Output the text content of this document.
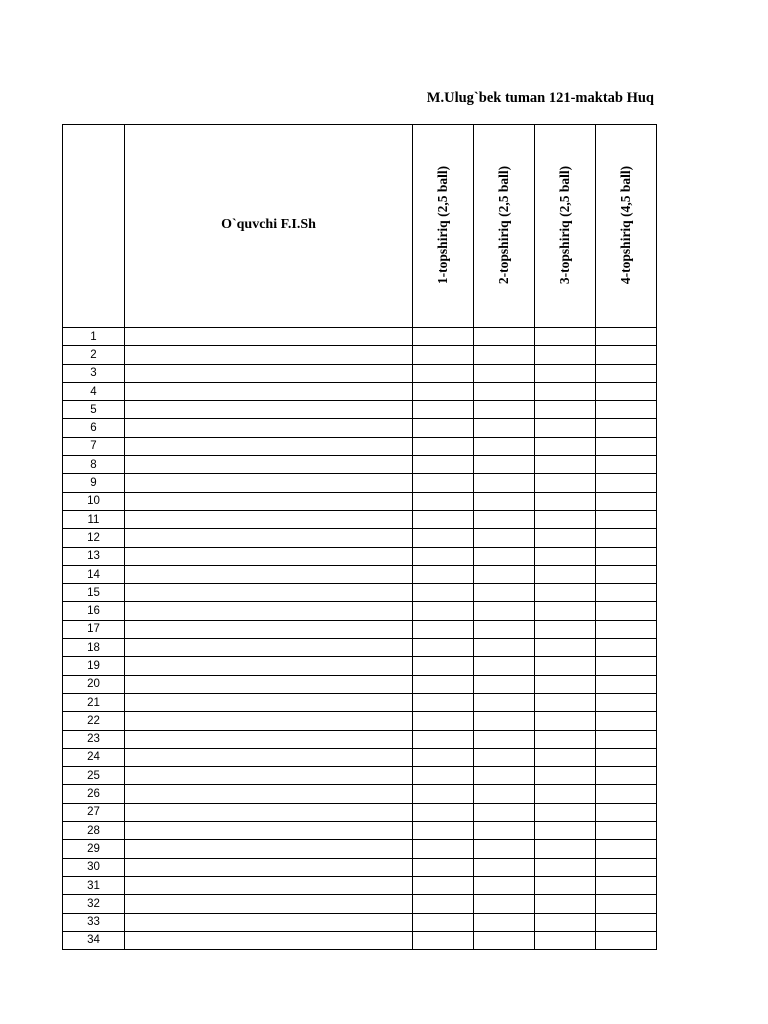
M.Ulug`bek tuman 121-maktab Huq
	O`quvchi F.I.Sh	1-topshiriq (2,5 ball)	2-topshiriq (2,5 ball)	3-topshiriq (2,5 ball)	4-topshiriq (4,5 ball)

1					
2					
3					
4					
5					
6					
7					
8					
9					
10					
11					
12					
13					
14					
15					
16					
17					
18					
19					
20					
21					
22					
23					
24					
25					
26					
27					
28					
29					
30					
31					
32					
33					
34					
